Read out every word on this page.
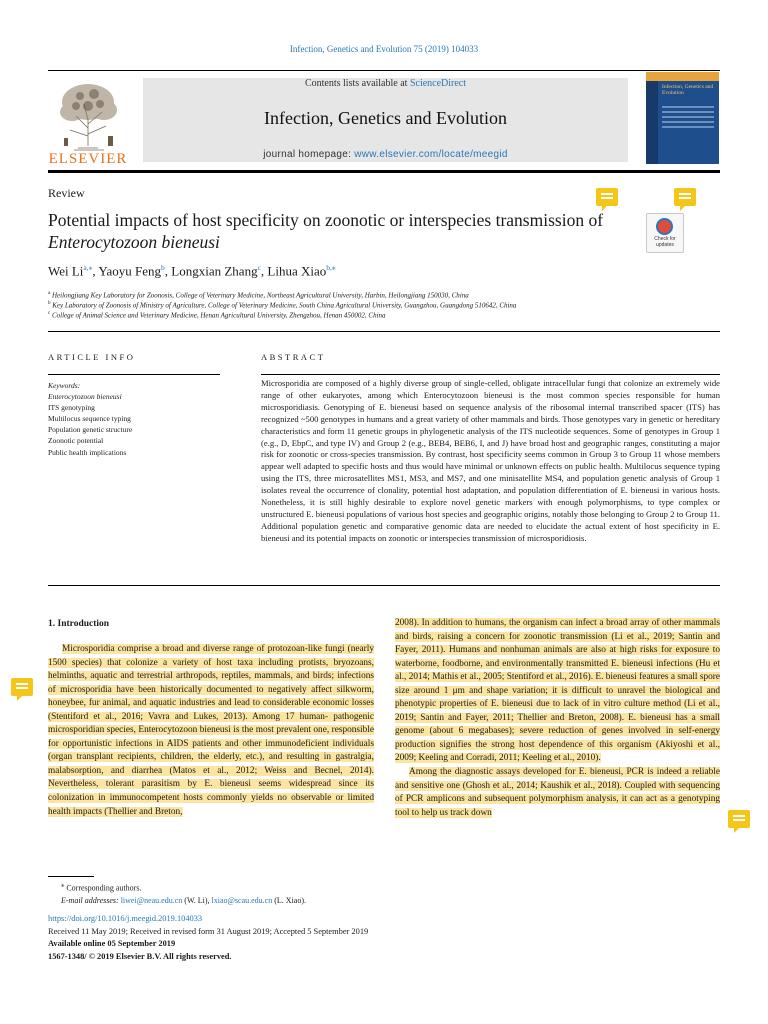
Infection, Genetics and Evolution 75 (2019) 104033
ELSEVIER
Contents lists available at ScienceDirect
Infection, Genetics and Evolution
journal homepage: www.elsevier.com/locate/meegid
Infection, Genetics and Evolution
Review
Potential impacts of host specificity on zoonotic or interspecies transmission of Enterocytozoon bieneusi	Check for updates
Wei $Li^{a,⁎}$, Yaoyu Feng$^b$, Longxian Zhang$^c$, Lihua Xiao$^{b,⁎}$
$^a$ Heilongjiang Key Laboratory for Zoonosis, College of Veterinary Medicine, Northeast Agricultural University, Harbin, Heilongjiang 150030, China
$^b$ Key Laboratory of Zoonosis of Ministry of Agriculture, College of Veterinary Medicine, South China Agricultural University, Guangzhou, Guangdong 510642, China
$^c$ College of Animal Science and Veterinary Medicine, Henan Agricultural University, Zhengzhou, Henan 450002, China
ARTICLE INFO	ABSTRACT
Keywords:
Enterocytozoon bieneusi
ITS genotyping
Multilocus sequence typing
Population genetic structure
Zoonotic potential
Public health implications
Microsporidia are composed of a highly diverse group of single-celled, obligate intracellular fungi that colonize an extremely wide range of other eukaryotes, among which Enterocytozoon bieneusi is the most common species responsible for human microsporidiasis. Genotyping of E. bieneusi based on sequence analysis of the ribosomal internal transcribed spacer (ITS) has recognized ~500 genotypes in humans and a great variety of other mammals and birds. Those genotypes vary in genetic or hereditary characteristics and form 11 genetic groups in phylogenetic analysis of the ITS nucleotide sequences. Some of genotypes in Group 1 (e.g., D, EbpC, and type IV) and Group 2 (e.g., BEB4, BEB6, I, and J) have broad host and geographic ranges, constituting a major risk for zoonotic or cross-species transmission. By contrast, host specificity seems common in Group 3 to Group 11 whose members appear well adapted to specific hosts and thus would have minimal or unknown effects on public health. Multilocus sequence typing using the ITS, three microsatellites MS1, MS3, and MS7, and one minisatellite MS4, and population genetic analysis of Group 1 isolates reveal the occurrence of clonality, potential host adaptation, and population differentiation of E. bieneusi in various hosts. Nonetheless, it is still highly desirable to explore novel genetic markers with enough polymorphisms, to type complex or unstructured E. bieneusi populations of various host species and geographic origins, notably those belonging to Group 2 to Group 11. Additional population genetic and comparative genomic data are needed to elucidate the actual extent of host specificity in E. bieneusi and its potential impacts on zoonotic or interspecies transmission of microsporidiosis.
1. Introduction
Microsporidia comprise a broad and diverse range of protozoan-like fungi (nearly 1500 species) that colonize a variety of host taxa including protists, bryozoans, helminths, aquatic and terrestrial arthropods, reptiles, mammals, and birds; infections of microsporidia have been historically documented to negatively affect silkworm, honeybee, fur animal, and aquatic industries and lead to considerable economic losses (Stentiford et al., 2016; Vavra and Lukes, 2013). Among 17 human- pathogenic microsporidian species, Enterocytozoon bieneusi is the most prevalent one, responsible for opportunistic infections in AIDS patients and other immunodeficient individuals (organ transplant recipients, children, the elderly, etc.), and resulting in gastralgia, malabsorption, and diarrhea (Matos et al., 2012; Weiss and Becnel, 2014). Nevertheless, tolerant parasitism by E. bieneusi seems widespread since its colonization in immunocompetent hosts commonly yields no observable or limited health impacts (Thellier and Breton,
2008). In addition to humans, the organism can infect a broad array of other mammals and birds, raising a concern for zoonotic transmission (Li et al., 2019; Santin and Fayer, 2011). Humans and nonhuman animals are also at high risks for exposure to waterborne, foodborne, and environmentally transmitted E. bieneusi infections (Hu et al., 2014; Mathis et al., 2005; Stentiford et al., 2016). E. bieneusi features a small spore size around 1 μm and shape variation; it is difficult to unravel the biological and phenotypic properties of E. bieneusi due to lack of in vitro culture method (Li et al., 2019; Santin and Fayer, 2011; Thellier and Breton, 2008). E. bieneusi has a small genome (about 6 megabases); severe reduction of genes involved in self-energy production signifies the strong host dependence of this organism (Akiyoshi et al., 2009; Keeling and Corradi, 2011; Keeling et al., 2010).
Among the diagnostic assays developed for E. bieneusi, PCR is indeed a reliable and sensitive one (Ghosh et al., 2014; Kaushik et al., 2018). Coupled with sequencing of PCR amplicons and subsequent polymorphism analysis, it can act as a genotyping tool to help us track down
⁎ Corresponding authors.
E-mail addresses: liwei@neau.edu.cn (W. Li), lxiao@scau.edu.cn (L. Xiao).
https://doi.org/10.1016/j.meegid.2019.104033
Received 11 May 2019; Received in revised form 31 August 2019; Accepted 5 September 2019
Available online 05 September 2019
1567-1348/ © 2019 Elsevier B.V. All rights reserved.
